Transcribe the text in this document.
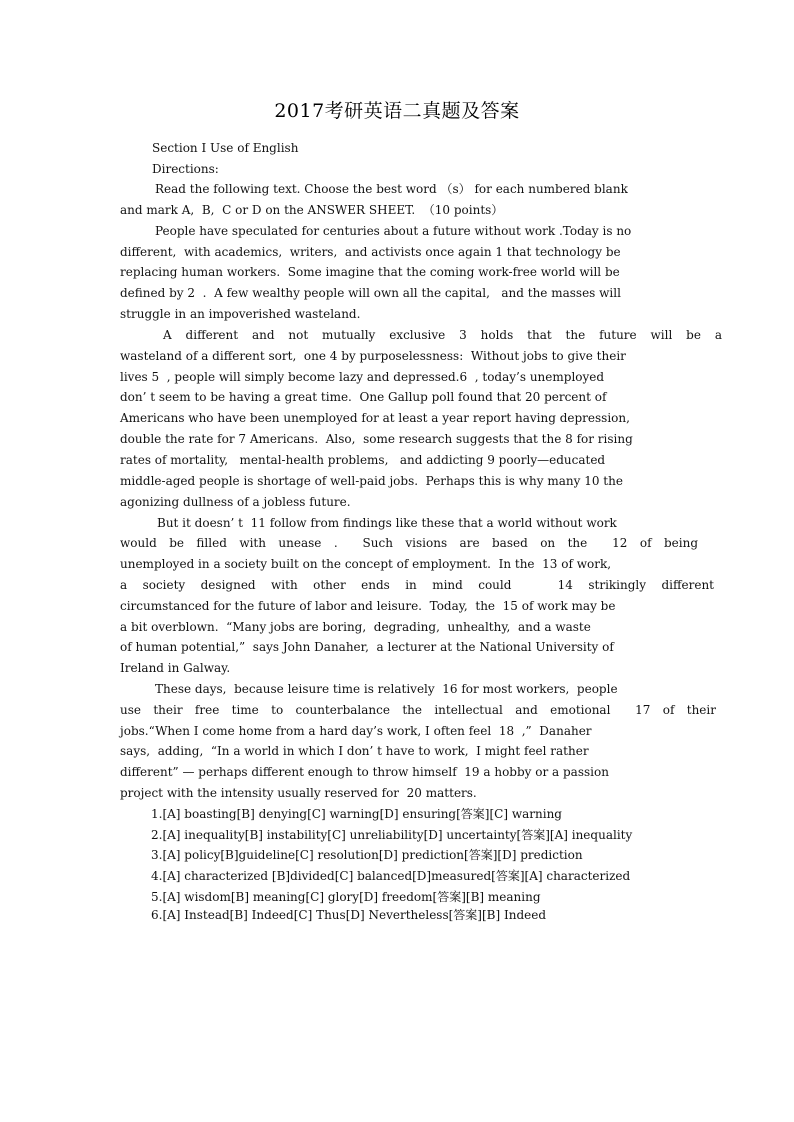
2017考研英语二真题及答案
Section I Use of English
Directions:
Read the following text. Choose the best word （s） for each numbered blank
and mark A,  B,  C or D on the ANSWER SHEET.  （10 points）
People have speculated for centuries about a future without work .Today is no
different,  with academics,  writers,  and activists once again 1 that technology be
replacing human workers.  Some imagine that the coming work-free world will be
defined by 2  .  A few wealthy people will own all the capital,   and the masses will
struggle in an impoverished wasteland.
A different and not mutually exclusive 3 holds that the future will be a
wasteland of a different sort,  one 4 by purposelessness:  Without jobs to give their
lives 5  , people will simply become lazy and depressed.6  , today’s unemployed
don’ t seem to be having a great time.  One Gallup poll found that 20 percent of
Americans who have been unemployed for at least a year report having depression,
double the rate for 7 Americans.  Also,  some research suggests that the 8 for rising
rates of mortality,   mental-health problems,   and addicting 9 poorly—educated
middle-aged people is shortage of well-paid jobs.  Perhaps this is why many 10 the
agonizing dullness of a jobless future.
But it doesn’ t  11 follow from findings like these that a world without work
would be filled with unease .  Such visions are based on the  12 of being
unemployed in a society built on the concept of employment.  In the  13 of work,
a society designed with other ends in mind could   14 strikingly different
circumstanced for the future of labor and leisure.  Today,  the  15 of work may be
a bit overblown.  “Many jobs are boring,  degrading,  unhealthy,  and a waste
of human potential,”  says John Danaher,  a lecturer at the National University of
Ireland in Galway.
These days,  because leisure time is relatively  16 for most workers,  people
use their free time to counterbalance the intellectual and emotional  17 of their
jobs.“When I come home from a hard day’s work, I often feel  18  ,”  Danaher
says,  adding,  “In a world in which I don’ t have to work,  I might feel rather
different” — perhaps different enough to throw himself  19 a hobby or a passion
project with the intensity usually reserved for  20 matters.
1.[A] boasting[B] denying[C] warning[D] ensuring[答案][C] warning
2.[A] inequality[B] instability[C] unreliability[D] uncertainty[答案][A] inequality
3.[A] policy[B]guideline[C] resolution[D] prediction[答案][D] prediction
4.[A] characterized [B]divided[C] balanced[D]measured[答案][A] characterized
5.[A] wisdom[B] meaning[C] glory[D] freedom[答案][B] meaning
6.[A] Instead[B] Indeed[C] Thus[D] Nevertheless[答案][B] Indeed
